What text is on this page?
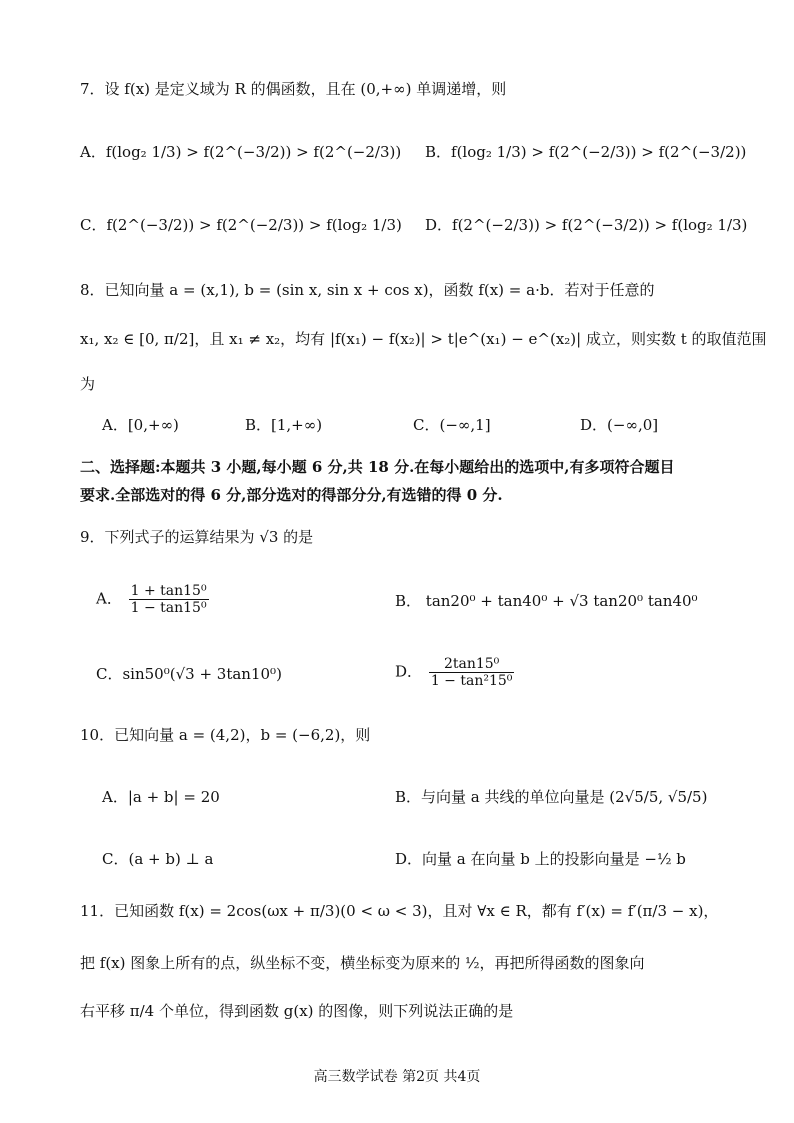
7．设 f(x) 是定义域为 R 的偶函数，且在 (0,+∞) 单调递增，则
A．f(log₂ 1/3) > f(2^(−3/2)) > f(2^(−2/3)) B．f(log₂ 1/3) > f(2^(−2/3)) > f(2^(−3/2))
C．f(2^(−3/2)) > f(2^(−2/3)) > f(log₂ 1/3) D．f(2^(−2/3)) > f(2^(−3/2)) > f(log₂ 1/3)
8．已知向量 a = (x,1), b = (sin x, sin x + cos x)，函数 f(x) = a·b．若对于任意的
x₁, x₂ ∈ [0, π/2]，且 x₁ ≠ x₂，均有 |f(x₁) − f(x₂)| > t|e^(x₁) − e^(x₂)| 成立，则实数 t 的取值范围
为
A．[0,+∞)	B．[1,+∞)	C．(−∞,1]	D．(−∞,0]
二、选择题:本题共 3 小题,每小题 6 分,共 18 分.在每小题给出的选项中,有多项符合题目
要求.全部选对的得 6 分,部分选对的得部分分,有选错的得 0 分.
9．下列式子的运算结果为 √3 的是
A． $\frac{\text{1 + tan15⁰}}{\text{1 − tan15⁰}}$	B． tan20⁰ + tan40⁰ + √3 tan20⁰ tan40⁰
C．sin50⁰(√3 + 3tan10⁰)	D． $\frac{\text{2tan15⁰}}{\text{1 − tan²15⁰}}$
10．已知向量 a = (4,2)，b = (−6,2)，则
A．|a + b| = 20	B．与向量 a 共线的单位向量是 (2√5/5, √5/5)
C．(a + b) ⊥ a	D．向量 a 在向量 b 上的投影向量是 −½ b
11．已知函数 f(x) = 2cos(ωx + π/3)(0 < ω < 3)，且对 ∀x ∈ R，都有 f′(x) = f′(π/3 − x)，
把 f(x) 图象上所有的点，纵坐标不变，横坐标变为原来的 ½，再把所得函数的图象向
右平移 π/4 个单位，得到函数 g(x) 的图像，则下列说法正确的是
高三数学试卷 第2页 共4页
